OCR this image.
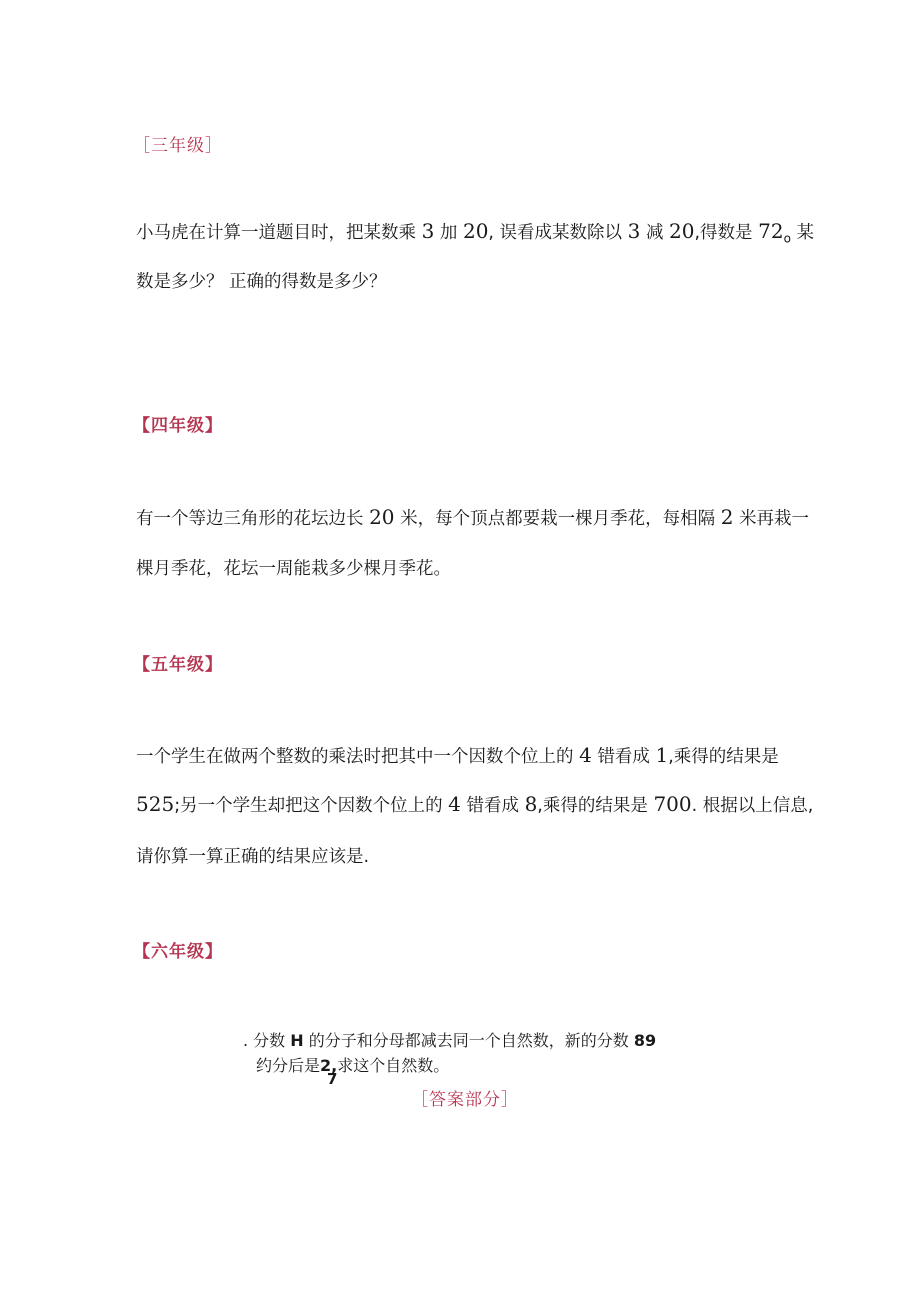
［三年级］
小马虎在计算一道题目时，把某数乘 3 加 20, 误看成某数除以 3 减 20,得数是 $72_o$ 某
数是多少？ 正确的得数是多少？
【四年级】
有一个等边三角形的花坛边长 20 米，每个顶点都要栽一棵月季花，每相隔 2 米再栽一
棵月季花，花坛一周能栽多少棵月季花。
【五年级】
一个学生在做两个整数的乘法时把其中一个因数个位上的 4 错看成 1,乘得的结果是
525;另一个学生却把这个因数个位上的 4 错看成 8,乘得的结果是 700. 根据以上信息,
请你算一算正确的结果应该是.
【六年级】
. 分数 H 的分子和分母都减去同一个自然数，新的分数 89
约分后是2,求这个自然数。
7
［答案部分］
